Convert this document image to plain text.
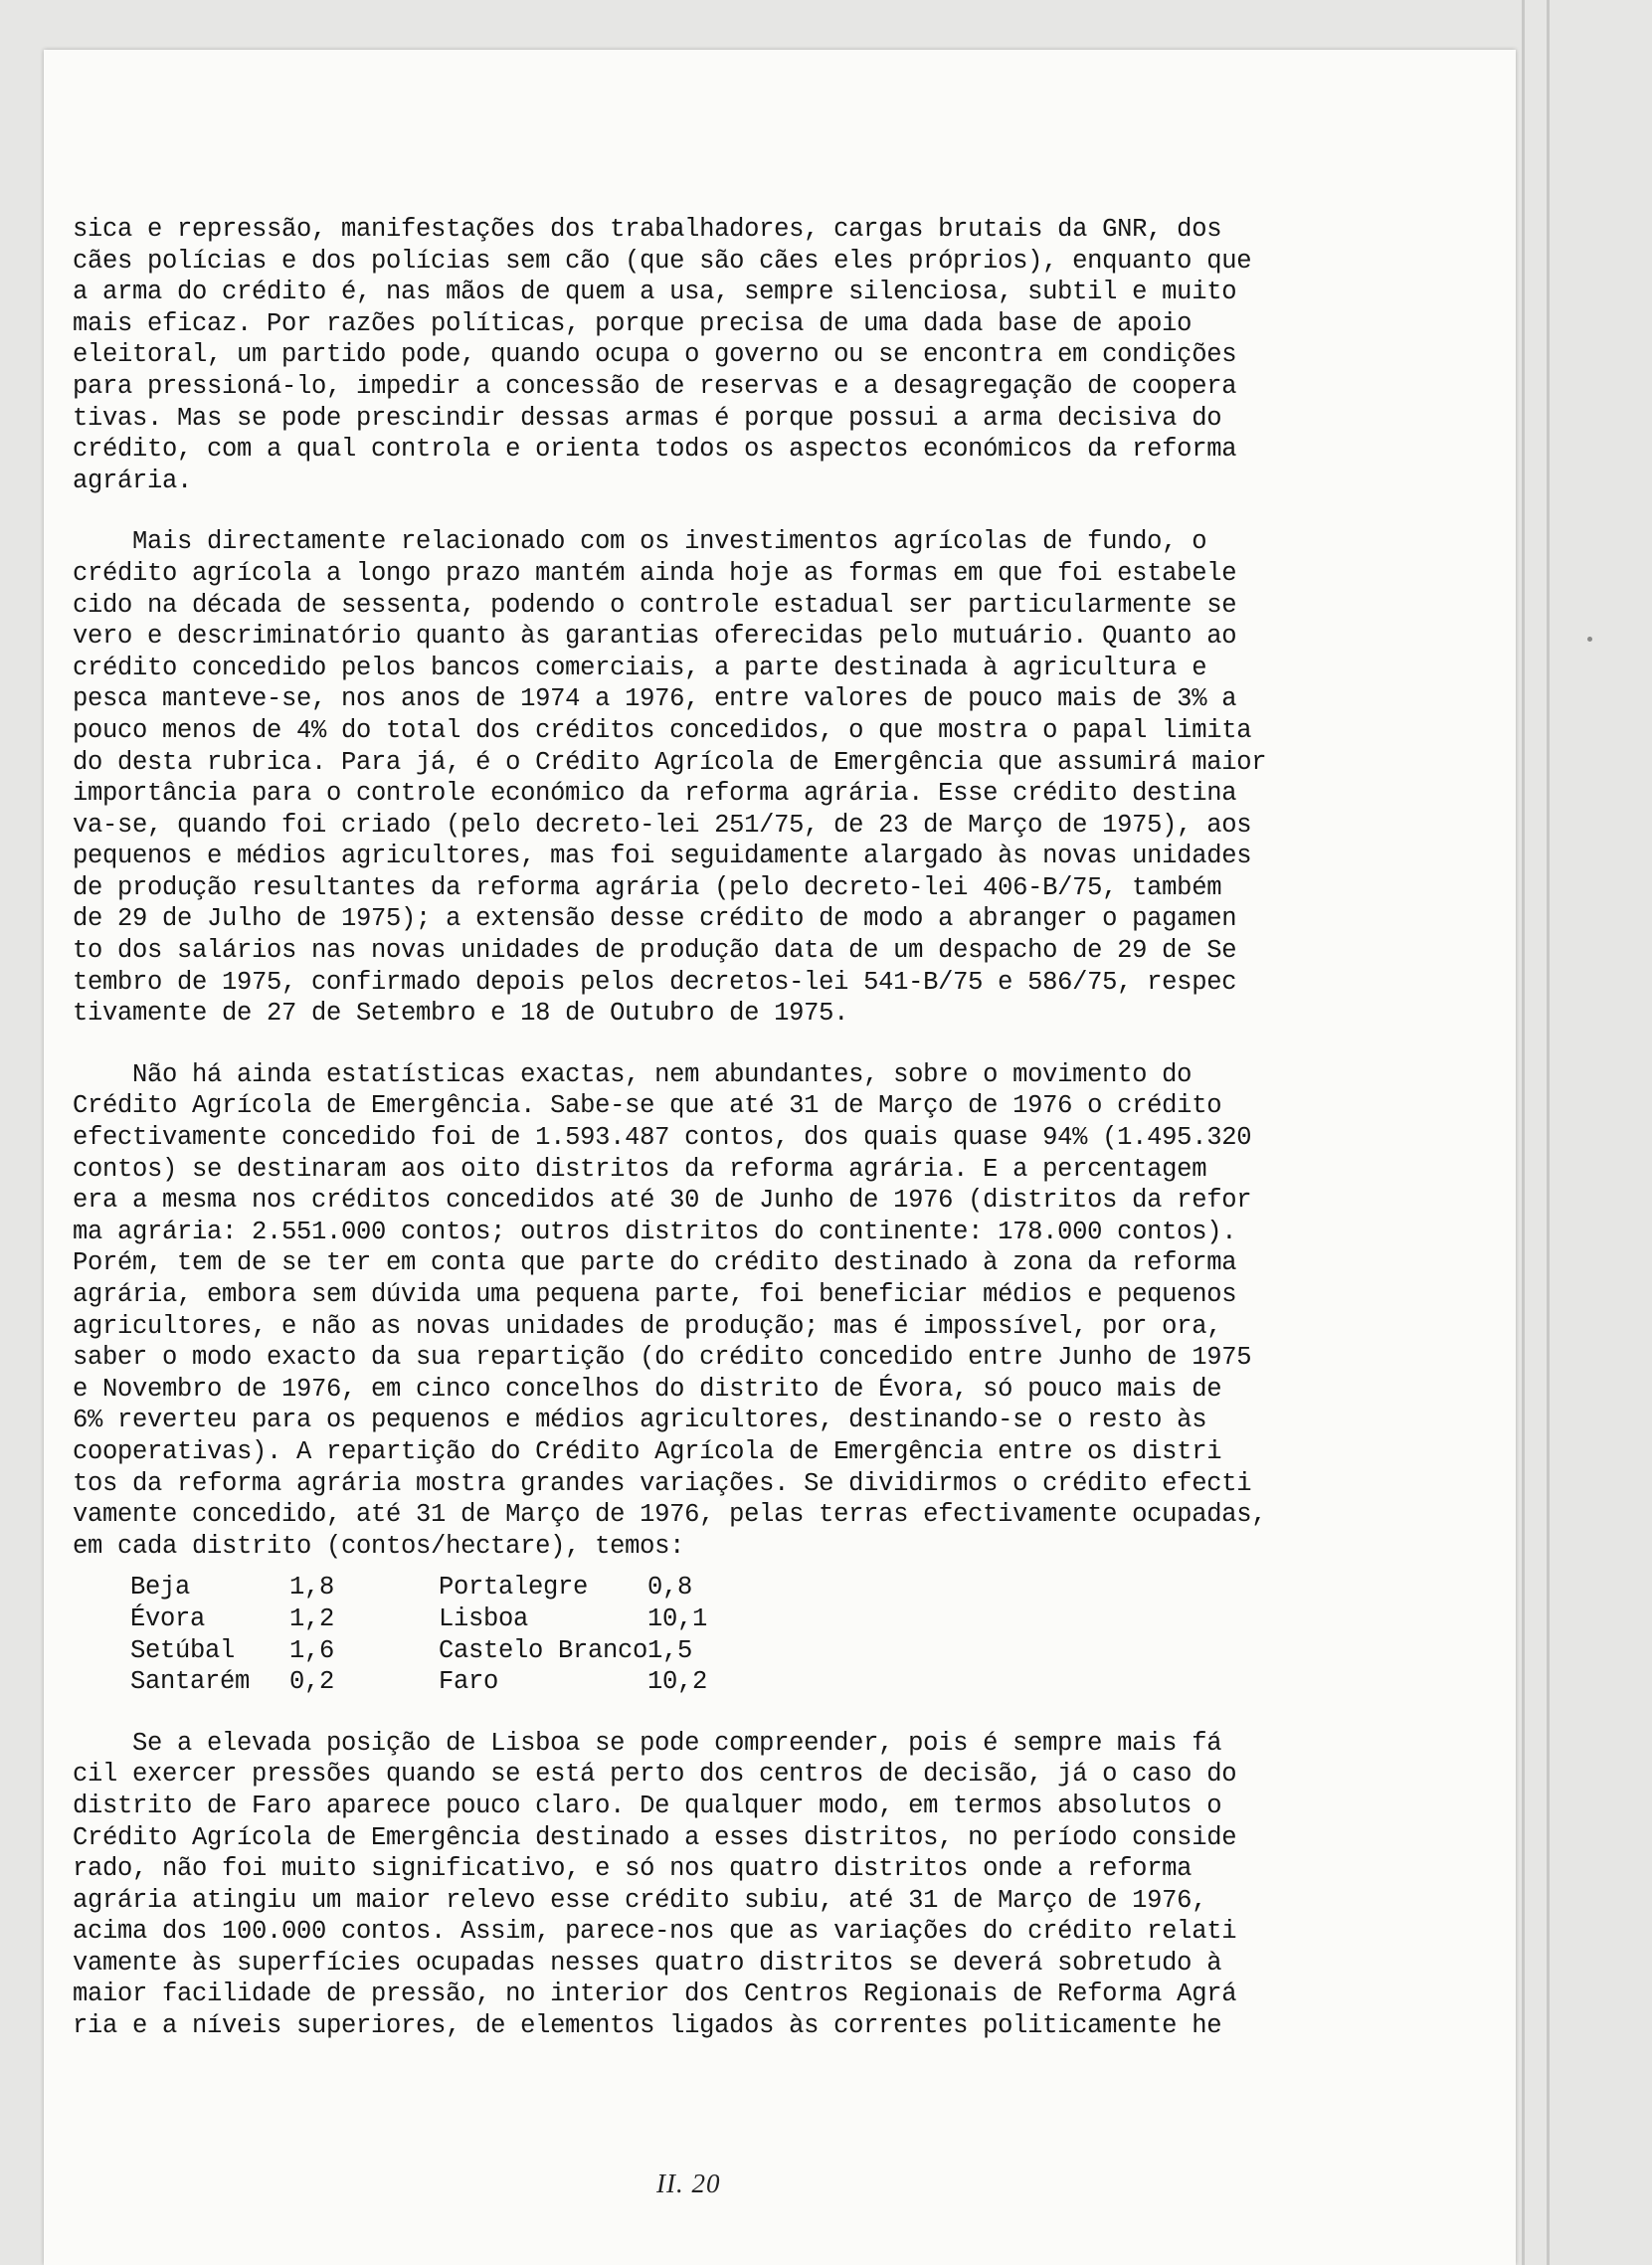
sica e repressão, manifestações dos trabalhadores, cargas brutais da GNR, dos
cães polícias e dos polícias sem cão (que são cães eles próprios), enquanto que
a arma do crédito é, nas mãos de quem a usa, sempre silenciosa, subtil e muito
mais eficaz. Por razões políticas, porque precisa de uma dada base de apoio
eleitoral, um partido pode, quando ocupa o governo ou se encontra em condições
para pressioná-lo, impedir a concessão de reservas e a desagregação de coopera
tivas. Mas se pode prescindir dessas armas é porque possui a arma decisiva do
crédito, com a qual controla e orienta todos os aspectos económicos da reforma
agrária.
Mais directamente relacionado com os investimentos agrícolas de fundo, o
crédito agrícola a longo prazo mantém ainda hoje as formas em que foi estabele
cido na década de sessenta, podendo o controle estadual ser particularmente se
vero e descriminatório quanto às garantias oferecidas pelo mutuário. Quanto ao
crédito concedido pelos bancos comerciais, a parte destinada à agricultura e
pesca manteve-se, nos anos de 1974 a 1976, entre valores de pouco mais de 3% a
pouco menos de 4% do total dos créditos concedidos, o que mostra o papal limita
do desta rubrica. Para já, é o Crédito Agrícola de Emergência que assumirá maior
importância para o controle económico da reforma agrária. Esse crédito destina
va-se, quando foi criado (pelo decreto-lei 251/75, de 23 de Março de 1975), aos
pequenos e médios agricultores, mas foi seguidamente alargado às novas unidades
de produção resultantes da reforma agrária (pelo decreto-lei 406-B/75, também
de 29 de Julho de 1975); a extensão desse crédito de modo a abranger o pagamen
to dos salários nas novas unidades de produção data de um despacho de 29 de Se
tembro de 1975, confirmado depois pelos decretos-lei 541-B/75 e 586/75, respec
tivamente de 27 de Setembro e 18 de Outubro de 1975.
Não há ainda estatísticas exactas, nem abundantes, sobre o movimento do
Crédito Agrícola de Emergência. Sabe-se que até 31 de Março de 1976 o crédito
efectivamente concedido foi de 1.593.487 contos, dos quais quase 94% (1.495.320
contos) se destinaram aos oito distritos da reforma agrária. E a percentagem
era a mesma nos créditos concedidos até 30 de Junho de 1976 (distritos da refor
ma agrária: 2.551.000 contos; outros distritos do continente: 178.000 contos).
Porém, tem de se ter em conta que parte do crédito destinado à zona da reforma
agrária, embora sem dúvida uma pequena parte, foi beneficiar médios e pequenos
agricultores, e não as novas unidades de produção; mas é impossível, por ora,
saber o modo exacto da sua repartição (do crédito concedido entre Junho de 1975
e Novembro de 1976, em cinco concelhos do distrito de Évora, só pouco mais de
6% reverteu para os pequenos e médios agricultores, destinando-se o resto às
cooperativas). A repartição do Crédito Agrícola de Emergência entre os distri
tos da reforma agrária mostra grandes variações. Se dividirmos o crédito efecti
vamente concedido, até 31 de Março de 1976, pelas terras efectivamente ocupadas,
em cada distrito (contos/hectare), temos:
Beja	1,8	Portalegre	0,8
Évora	1,2	Lisboa	10,1
Setúbal	1,6	Castelo Branco 1,5
Santarém	0,2	Faro	10,2
Se a elevada posição de Lisboa se pode compreender, pois é sempre mais fá
cil exercer pressões quando se está perto dos centros de decisão, já o caso do
distrito de Faro aparece pouco claro. De qualquer modo, em termos absolutos o
Crédito Agrícola de Emergência destinado a esses distritos, no período conside
rado, não foi muito significativo, e só nos quatro distritos onde a reforma
agrária atingiu um maior relevo esse crédito subiu, até 31 de Março de 1976,
acima dos 100.000 contos. Assim, parece-nos que as variações do crédito relati
vamente às superfícies ocupadas nesses quatro distritos se deverá sobretudo à
maior facilidade de pressão, no interior dos Centros Regionais de Reforma Agrá
ria e a níveis superiores, de elementos ligados às correntes politicamente he
II. 20
